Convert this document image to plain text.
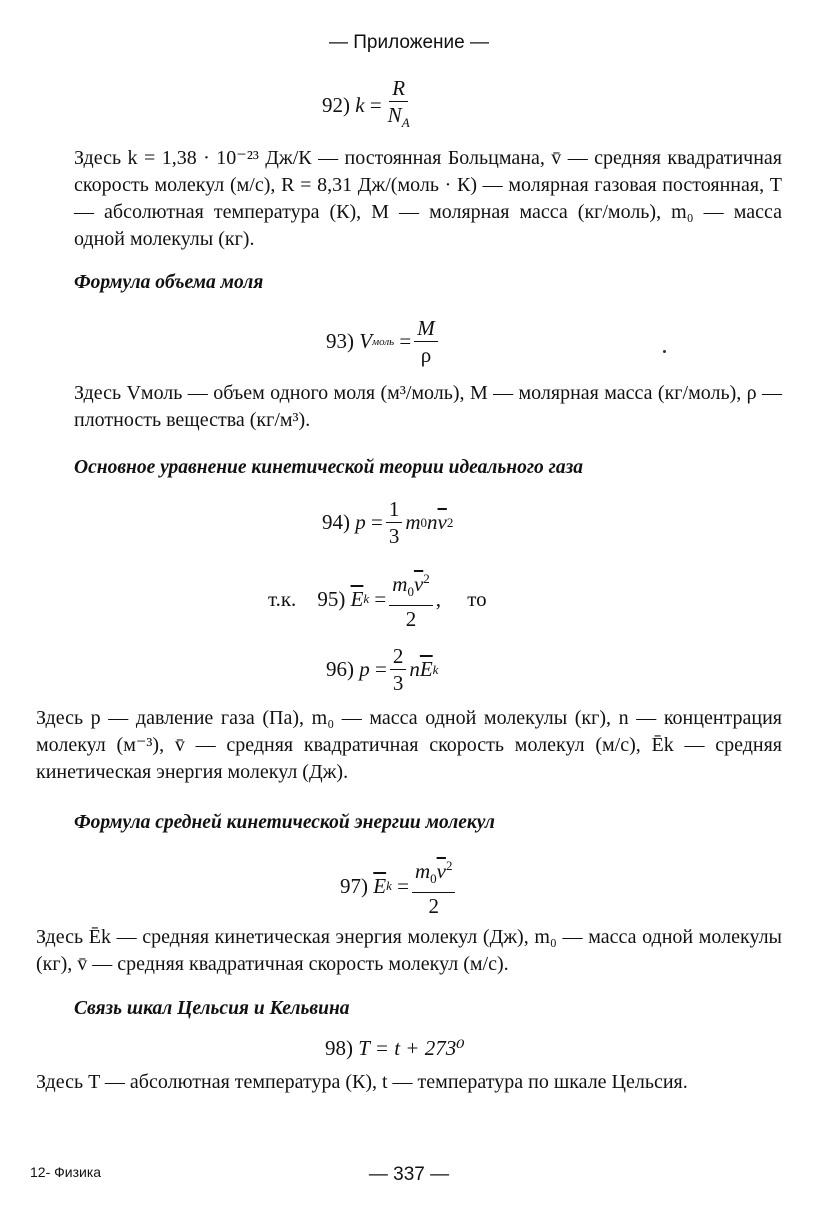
— Приложение —
92)
$k = \frac{R}{N_A}$
Здесь k = 1,38 · 10⁻²³ Дж/К — постоянная Больцмана, v̄ — средняя квадратичная скорость молекул (м/с), R = 8,31 Дж/(моль · К) — молярная газовая постоянная, T — абсолютная температура (К), M — молярная масса (кг/моль), m₀ — масса одной молекулы (кг).
Формула объема моля
93)
V моль = $\frac{M}{\rho}$
Здесь Vмоль — объем одного моля (м³/моль), M — молярная масса (кг/моль), ρ — плотность вещества (кг/м³).
Основное уравнение кинетической теории идеального газа
94)
$p = \frac{1}{3}$ m 0 n $\overline{v}$ 2
т.к.
95)
$\overline{E}$ $k = \frac{m_0\overline{v}^2}{2}$ , то
96)
$p = \frac{2}{3}$ n $\overline{E}$ k
Здесь p — давление газа (Па), m₀ — масса одной молекулы (кг), n — концентрация молекул (м⁻³), v̄ — средняя квадратичная скорость молекул (м/с), Ēk — средняя кинетическая энергия молекул (Дж).
Формула средней кинетической энергии молекул
97)
$\overline{E}$ $k = \frac{m_0\overline{v}^2}{2}$
Здесь Ēk — средняя кинетическая энергия молекул (Дж), m₀ — масса одной молекулы (кг), v̄ — средняя квадратичная скорость молекул (м/с).
Связь шкал Цельсия и Кельвина
98)
T = t + 273⁰
Здесь T — абсолютная температура (К), t — температура по шкале Цельсия.
12- Физика	— 337 —
